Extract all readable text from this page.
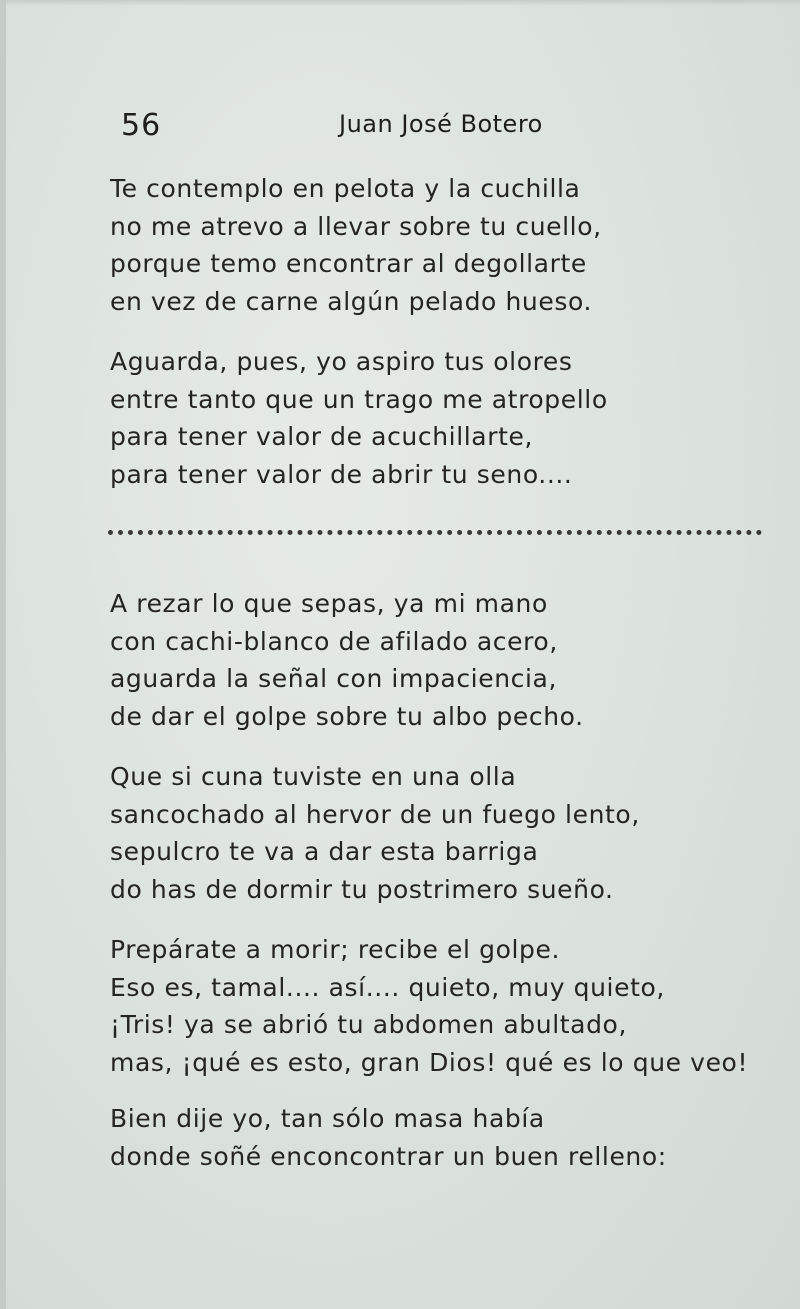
56	Juan José Botero
Te contemplo en pelota y la cuchilla
no me atrevo a llevar sobre tu cuello,
porque temo encontrar al degollarte
en vez de carne algún pelado hueso.
Aguarda, pues, yo aspiro tus olores
entre tanto que un trago me atropello
para tener valor de acuchillarte,
para tener valor de abrir tu seno....
A rezar lo que sepas, ya mi mano
con cachi-blanco de afilado acero,
aguarda la señal con impaciencia,
de dar el golpe sobre tu albo pecho.
Que si cuna tuviste en una olla
sancochado al hervor de un fuego lento,
sepulcro te va a dar esta barriga
do has de dormir tu postrimero sueño.
Prepárate a morir; recibe el golpe.
Eso es, tamal.... así.... quieto, muy quieto,
¡Tris! ya se abrió tu abdomen abultado,
mas, ¡qué es esto, gran Dios! qué es lo que veo!
Bien dije yo, tan sólo masa había
donde soñé enconcontrar un buen relleno:
